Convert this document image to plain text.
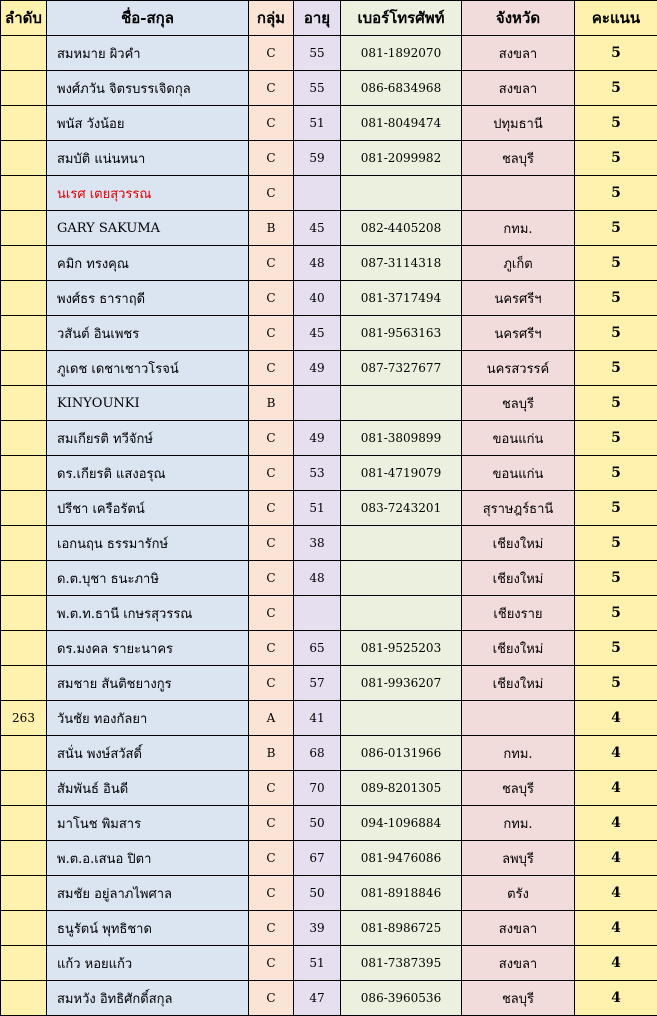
ลำดับ	ชื่อ-สกุล	กลุ่ม	อายุ	เบอร์โทรศัพท์	จังหวัด	คะแนน
	สมหมาย ผิวคำ	C	55	081-1892070	สงขลา	5
	พงศ์ภวัน จิตรบรรเจิดกุล	C	55	086-6834968	สงขลา	5
	พนัส วังน้อย	C	51	081-8049474	ปทุมธานี	5
	สมบัติ แน่นหนา	C	59	081-2099982	ชลบุรี	5
	นเรศ เตยสุวรรณ	C				5
	GARY SAKUMA	B	45	082-4405208	กทม.	5
	คมิก ทรงคุณ	C	48	087-3114318	ภูเก็ต	5
	พงศ์ธร ธาราฤดี	C	40	081-3717494	นครศรีฯ	5
	วสันต์ อินเพชร	C	45	081-9563163	นครศรีฯ	5
	ภูเดช เดชาเชาวโรจน์	C	49	087-7327677	นครสวรรค์	5
	KINYOUNKI	B			ชลบุรี	5
	สมเกียรติ ทวีจักษ์	C	49	081-3809899	ขอนแก่น	5
	ดร.เกียรติ แสงอรุณ	C	53	081-4719079	ขอนแก่น	5
	ปรีชา เครือรัตน์	C	51	083-7243201	สุราษฎร์ธานี	5
	เอกนฤน ธรรมารักษ์	C	38		เชียงใหม่	5
	ด.ต.บุชา ธนะภาษิ	C	48		เชียงใหม่	5
	พ.ต.ท.ธานี เกษรสุวรรณ	C			เชียงราย	5
	ดร.มงคล รายะนาคร	C	65	081-9525203	เชียงใหม่	5
	สมชาย สันติชยางกูร	C	57	081-9936207	เชียงใหม่	5
263	วันชัย ทองกัลยา	A	41			4
	สนั่น พงษ์สวัสดิ์	B	68	086-0131966	กทม.	4
	สัมพันธ์ อินดี	C	70	089-8201305	ชลบุรี	4
	มาโนช พิมสาร	C	50	094-1096884	กทม.	4
	พ.ต.อ.เสนอ ปิตา	C	67	081-9476086	ลพบุรี	4
	สมชัย อยู่ลาภไพศาล	C	50	081-8918846	ตรัง	4
	ธนูรัตน์ พุทธิชาด	C	39	081-8986725	สงขลา	4
	แก้ว หอยแก้ว	C	51	081-7387395	สงขลา	4
	สมหวัง อิทธิศักดิ์สกุล	C	47	086-3960536	ชลบุรี	4
